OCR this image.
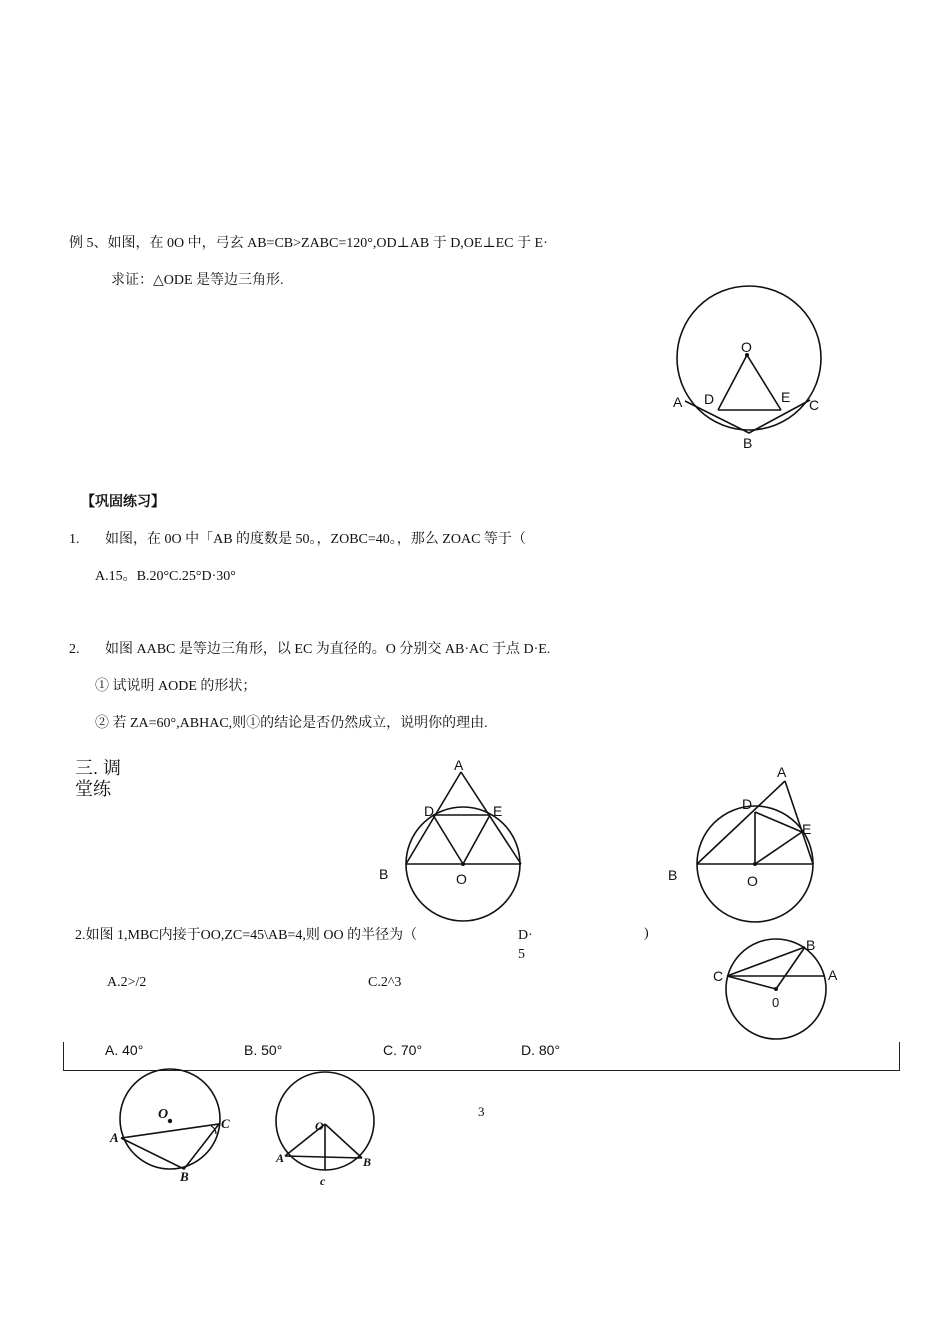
例 5、如图，在 0O 中，弓玄 AB=CB>ZABC=120°,OD⊥AB 于 D,OE⊥EC 于 E·
求证：△ODE 是等边三角形.
O
A D	E C
B
【巩固练习】
1. 如图，在 0O 中「AB 的度数是 50。，ZOBC=40。，那么 ZOAC 等于（
A.15。B.20°C.25°D·30°
2. 如图 AABC 是等边三角形，以 EC 为直径的。O 分别交 AB·AC 于点 D·E.
① 试说明 AODE 的形状；
② 若 ZA=60°,ABHAC,则①的结论是否仍然成立，说明你的理由.
三. 调
堂练
A
D	E
B	O
A
D
E
B	O
2.如图 1,MBC内接于OO,ZC=45\AB=4,则 OO 的半径为（	D·	)
5
A.2>/2	C.2^3
B
C	A
0
A. 40°	B. 50°	C. 70°	D. 80°
O
A
C
B
O
A	B
c
3
